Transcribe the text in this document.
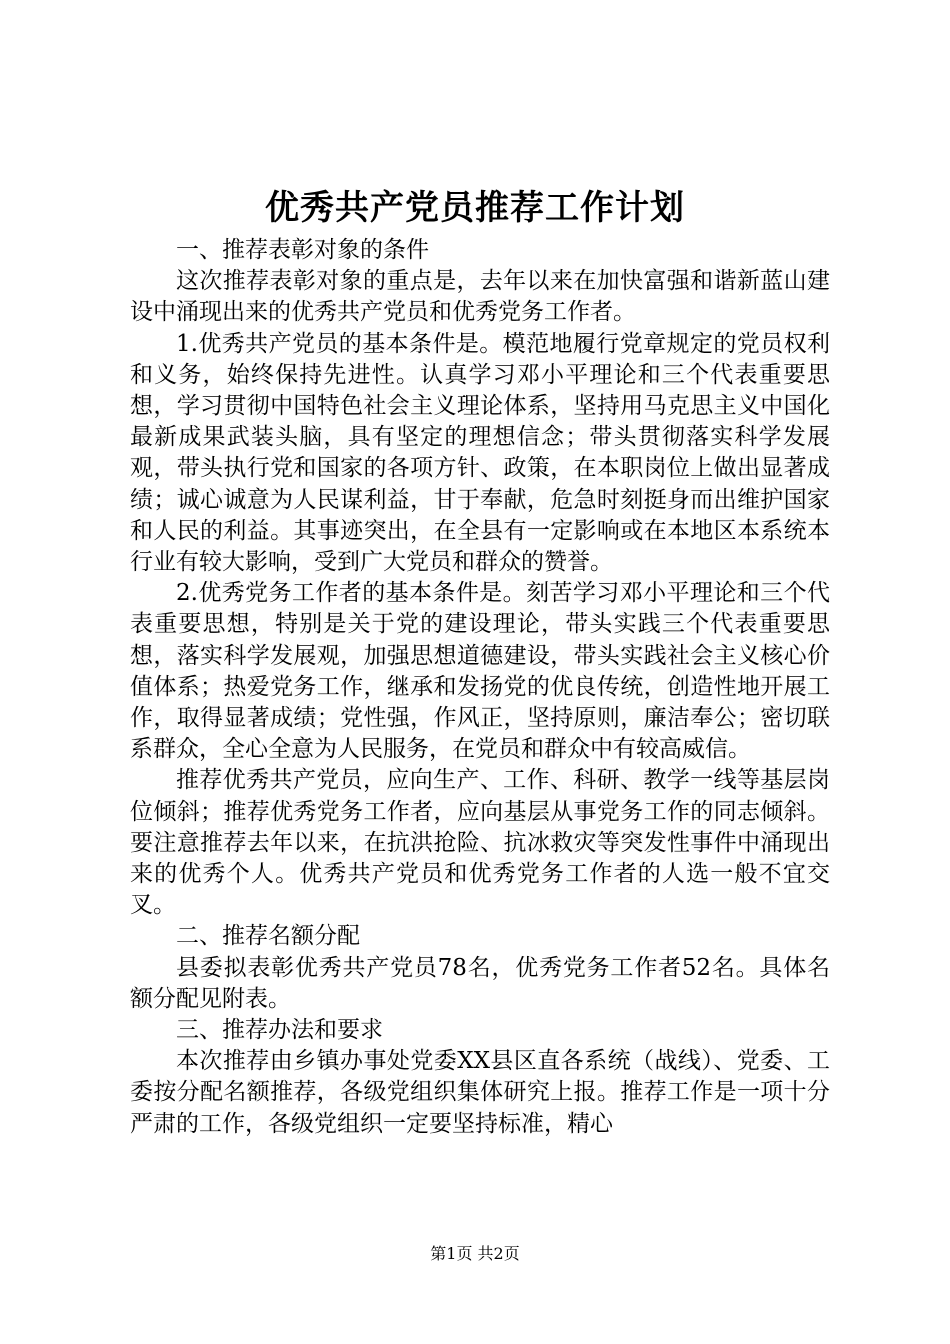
优秀共产党员推荐工作计划

一、推荐表彰对象的条件

这次推荐表彰对象的重点是，去年以来在加快富强和谐新蓝山建设中涌现出来的优秀共产党员和优秀党务工作者。

1.优秀共产党员的基本条件是。模范地履行党章规定的党员权利和义务，始终保持先进性。认真学习邓小平理论和三个代表重要思想，学习贯彻中国特色社会主义理论体系，坚持用马克思主义中国化最新成果武装头脑，具有坚定的理想信念；带头贯彻落实科学发展观，带头执行党和国家的各项方针、政策，在本职岗位上做出显著成绩；诚心诚意为人民谋利益，甘于奉献，危急时刻挺身而出维护国家和人民的利益。其事迹突出，在全县有一定影响或在本地区本系统本行业有较大影响，受到广大党员和群众的赞誉。

2.优秀党务工作者的基本条件是。刻苦学习邓小平理论和三个代表重要思想，特别是关于党的建设理论，带头实践三个代表重要思想，落实科学发展观，加强思想道德建设，带头实践社会主义核心价值体系；热爱党务工作，继承和发扬党的优良传统，创造性地开展工作，取得显著成绩；党性强，作风正，坚持原则，廉洁奉公；密切联系群众，全心全意为人民服务，在党员和群众中有较高威信。

推荐优秀共产党员，应向生产、工作、科研、教学一线等基层岗位倾斜；推荐优秀党务工作者，应向基层从事党务工作的同志倾斜。要注意推荐去年以来，在抗洪抢险、抗冰救灾等突发性事件中涌现出来的优秀个人。优秀共产党员和优秀党务工作者的人选一般不宜交叉。

二、推荐名额分配

县委拟表彰优秀共产党员78名，优秀党务工作者52名。具体名额分配见附表。

三、推荐办法和要求

本次推荐由乡镇办事处党委XX县区直各系统（战线）、党委、工委按分配名额推荐，各级党组织集体研究上报。推荐工作是一项十分严肃的工作，各级党组织一定要坚持标准，精心

第1页 共2页
